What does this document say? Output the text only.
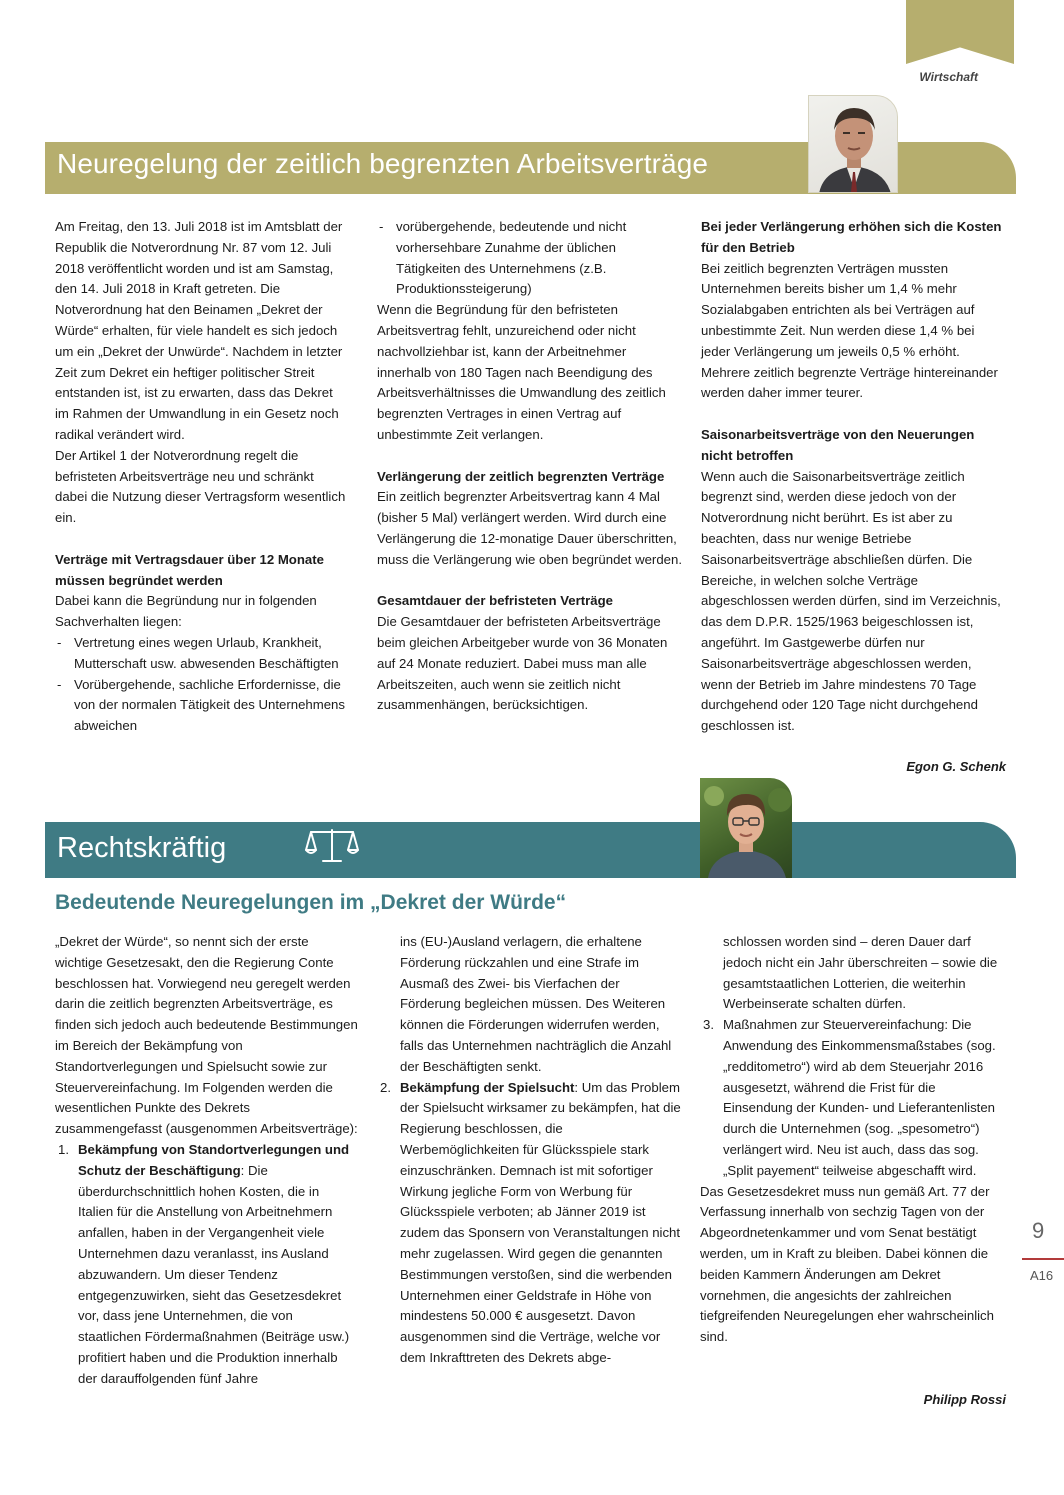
Wirtschaft
Neuregelung der zeitlich begrenzten Arbeitsverträge

Am Freitag, den 13. Juli 2018 ist im Amtsblatt der Republik die Notverordnung Nr. 87 vom 12. Juli 2018 veröffentlicht worden und ist am Samstag, den 14. Juli 2018 in Kraft getreten. Die Notverordnung hat den Beinamen „Dekret der Würde“ erhalten, für viele handelt es sich jedoch um ein „Dekret der Unwürde“. Nachdem in letzter Zeit zum Dekret ein heftiger politischer Streit entstanden ist, ist zu erwarten, dass das Dekret im Rahmen der Umwandlung in ein Gesetz noch radikal verändert wird.

Der Artikel 1 der Notverordnung regelt die befristeten Arbeitsverträge neu und schränkt dabei die Nutzung dieser Vertragsform wesentlich ein.

Verträge mit Vertragsdauer über 12 Monate müssen begründet werden

Dabei kann die Begründung nur in folgenden Sachverhalten liegen:

- Vertretung eines wegen Urlaub, Krankheit, Mutterschaft usw. abwesenden Beschäftigten
- Vorübergehende, sachliche Erfordernisse, die von der normalen Tätigkeit des Unternehmens abweichen
- vorübergehende, bedeutende und nicht vorhersehbare Zunahme der üblichen Tätigkeiten des Unternehmens (z.B. Produktionssteigerung)

Wenn die Begründung für den befristeten Arbeitsvertrag fehlt, unzureichend oder nicht nachvollziehbar ist, kann der Arbeitnehmer innerhalb von 180 Tagen nach Beendigung des Arbeitsverhältnisses die Umwandlung des zeitlich begrenzten Vertrages in einen Vertrag auf unbestimmte Zeit verlangen.

Verlängerung der zeitlich begrenzten Verträge

Ein zeitlich begrenzter Arbeitsvertrag kann 4 Mal (bisher 5 Mal) verlängert werden. Wird durch eine Verlängerung die 12-monatige Dauer überschritten, muss die Verlängerung wie oben begründet werden.

Gesamtdauer der befristeten Verträge

Die Gesamtdauer der befristeten Arbeitsverträge beim gleichen Arbeitgeber wurde von 36 Monaten auf 24 Monate reduziert. Dabei muss man alle Arbeitszeiten, auch wenn sie zeitlich nicht zusammenhängen, berücksichtigen.

Bei jeder Verlängerung erhöhen sich die Kosten für den Betrieb

Bei zeitlich begrenzten Verträgen mussten Unternehmen bereits bisher um 1,4 % mehr Sozialabgaben entrichten als bei Verträgen auf unbestimmte Zeit. Nun werden diese 1,4 % bei jeder Verlängerung um jeweils 0,5 % erhöht. Mehrere zeitlich begrenzte Verträge hintereinander werden daher immer teurer.

Saisonarbeitsverträge von den Neuerungen nicht betroffen

Wenn auch die Saisonarbeitsverträge zeitlich begrenzt sind, werden diese jedoch von der Notverordnung nicht berührt. Es ist aber zu beachten, dass nur wenige Betriebe Saisonarbeitsverträge abschließen dürfen. Die Bereiche, in welchen solche Verträge abgeschlossen werden dürfen, sind im Verzeichnis, das dem D.P.R. 1525/1963 beigeschlossen ist, angeführt. Im Gastgewerbe dürfen nur Saisonarbeitsverträge abgeschlossen werden, wenn der Betrieb im Jahre mindestens 70 Tage durchgehend oder 120 Tage nicht durchgehend geschlossen ist.

Egon G. Schenk
Rechtskräftig
Bedeutende Neuregelungen im „Dekret der Würde“

„Dekret der Würde“, so nennt sich der erste wichtige Gesetzesakt, den die Regierung Conte beschlossen hat. Vorwiegend neu geregelt werden darin die zeitlich begrenzten Arbeitsverträge, es finden sich jedoch auch bedeutende Bestimmungen im Bereich der Bekämpfung von Standortverlegungen und Spielsucht sowie zur Steuervereinfachung. Im Folgenden werden die wesentlichen Punkte des Dekrets zusammengefasst (ausgenommen Arbeitsverträge):

1. Bekämpfung von Standortverlegungen und Schutz der Beschäftigung: Die überdurchschnittlich hohen Kosten, die in Italien für die Anstellung von Arbeitnehmern anfallen, haben in der Vergangenheit viele Unternehmen dazu veranlasst, ins Ausland abzuwandern. Um dieser Tendenz entgegenzuwirken, sieht das Gesetzesdekret vor, dass jene Unternehmen, die von staatlichen Fördermaßnahmen (Beiträge usw.) profitiert haben und die Produktion innerhalb der darauffolgenden fünf Jahre

ins (EU-)Ausland verlagern, die erhaltene Förderung rückzahlen und eine Strafe im Ausmaß des Zwei- bis Vierfachen der Förderung begleichen müssen. Des Weiteren können die Förderungen widerrufen werden, falls das Unternehmen nachträglich die Anzahl der Beschäftigten senkt.

2. Bekämpfung der Spielsucht: Um das Problem der Spielsucht wirksamer zu bekämpfen, hat die Regierung beschlossen, die Werbemöglichkeiten für Glücksspiele stark einzuschränken. Demnach ist mit sofortiger Wirkung jegliche Form von Werbung für Glücksspiele verboten; ab Jänner 2019 ist zudem das Sponsern von Veranstaltungen nicht mehr zugelassen. Wird gegen die genannten Bestimmungen verstoßen, sind die werbenden Unternehmen einer Geldstrafe in Höhe von mindestens 50.000 € ausgesetzt. Davon ausgenommen sind die Verträge, welche vor dem Inkrafttreten des Dekrets abge-

schlossen worden sind – deren Dauer darf jedoch nicht ein Jahr überschreiten – sowie die gesamtstaatlichen Lotterien, die weiterhin Werbeinserate schalten dürfen.

3. Maßnahmen zur Steuervereinfachung: Die Anwendung des Einkommensmaßstabes (sog. „redditometro“) wird ab dem Steuerjahr 2016 ausgesetzt, während die Frist für die Einsendung der Kunden- und Lieferantenlisten durch die Unternehmen (sog. „spesometro“) verlängert wird. Neu ist auch, dass das sog. „Split payement“ teilweise abgeschafft wird.

Das Gesetzesdekret muss nun gemäß Art. 77 der Verfassung innerhalb von sechzig Tagen von der Abgeordnetenkammer und vom Senat bestätigt werden, um in Kraft zu bleiben. Dabei können die beiden Kammern Änderungen am Dekret vornehmen, die angesichts der zahlreichen tiefgreifenden Neuregelungen eher wahrscheinlich sind.

Philipp Rossi
9
A16
